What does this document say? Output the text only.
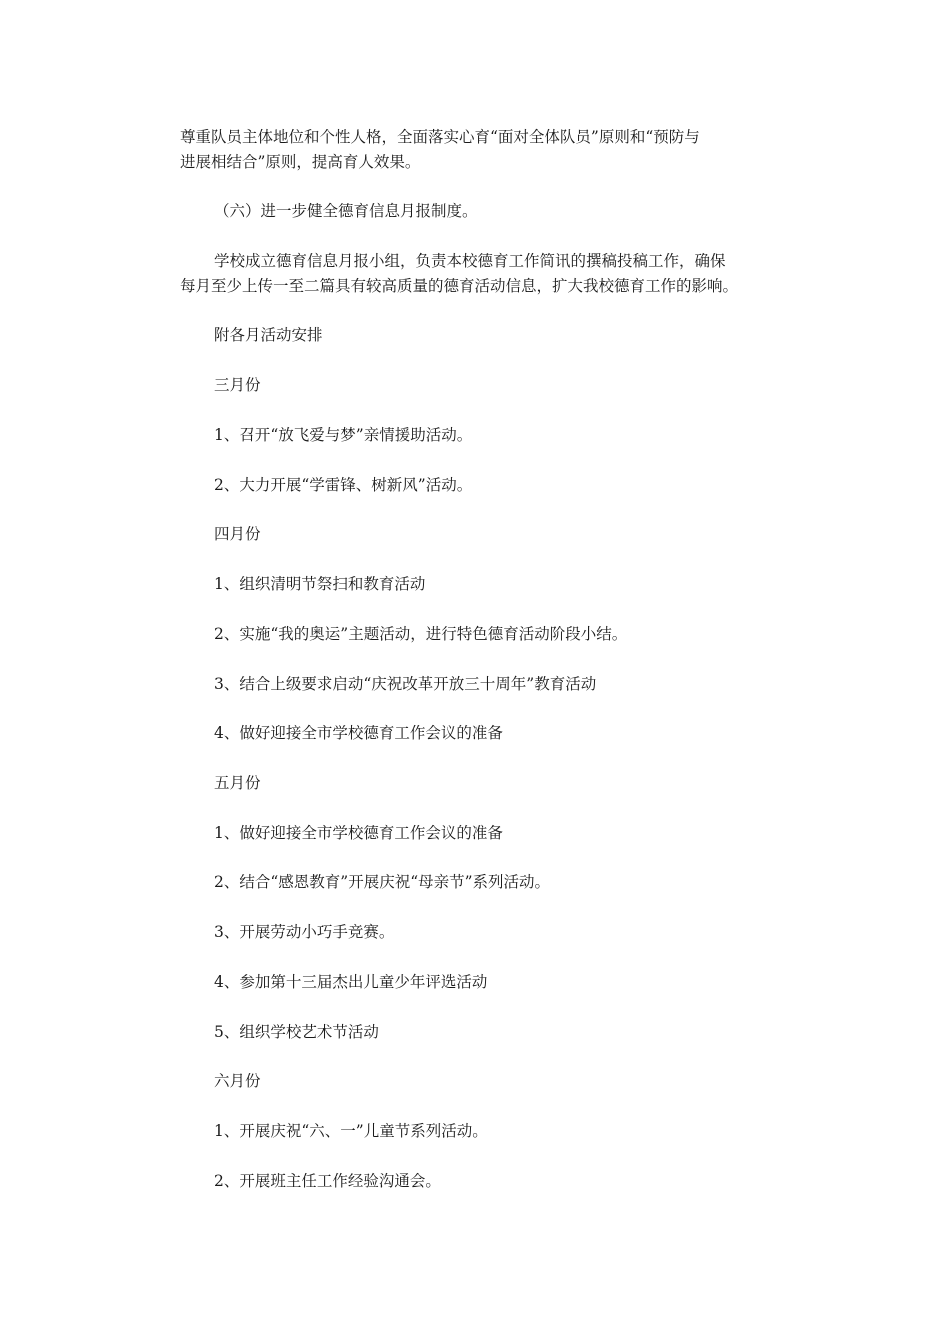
尊重队员主体地位和个性人格，全面落实心育“面对全体队员”原则和“预防与

进展相结合”原则，提高育人效果。

（六）进一步健全德育信息月报制度。

学校成立德育信息月报小组，负责本校德育工作简讯的撰稿投稿工作，确保

每月至少上传一至二篇具有较高质量的德育活动信息，扩大我校德育工作的影响。

附各月活动安排

三月份

1、召开“放飞爱与梦”亲情援助活动。

2、大力开展“学雷锋、树新风”活动。

四月份

1、组织清明节祭扫和教育活动

2、实施“我的奥运”主题活动，进行特色德育活动阶段小结。

3、结合上级要求启动“庆祝改革开放三十周年”教育活动

4、做好迎接全市学校德育工作会议的准备

五月份

1、做好迎接全市学校德育工作会议的准备

2、结合“感恩教育”开展庆祝“母亲节”系列活动。

3、开展劳动小巧手竞赛。

4、参加第十三届杰出儿童少年评选活动

5、组织学校艺术节活动

六月份

1、开展庆祝“六、一”儿童节系列活动。

2、开展班主任工作经验沟通会。
